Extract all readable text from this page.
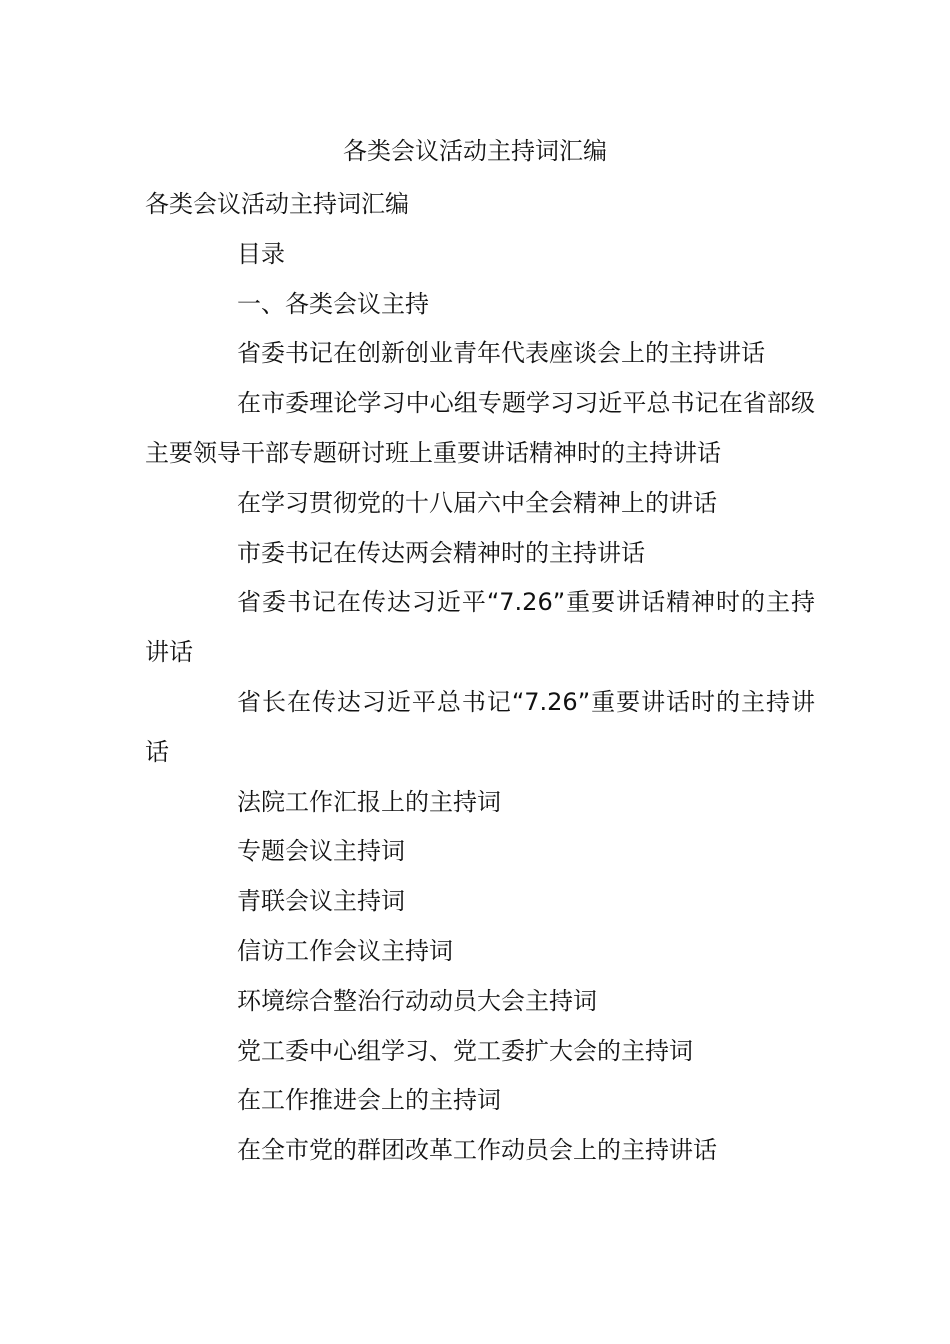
各类会议活动主持词汇编

各类会议活动主持词汇编

目录

一、各类会议主持

省委书记在创新创业青年代表座谈会上的主持讲话

在市委理论学习中心组专题学习习近平总书记在省部级主要领导干部专题研讨班上重要讲话精神时的主持讲话

在学习贯彻党的十八届六中全会精神上的讲话

市委书记在传达两会精神时的主持讲话

省委书记在传达习近平“7.26”重要讲话精神时的主持讲话

省长在传达习近平总书记“7.26”重要讲话时的主持讲话

法院工作汇报上的主持词

专题会议主持词

青联会议主持词

信访工作会议主持词

环境综合整治行动动员大会主持词

党工委中心组学习、党工委扩大会的主持词

在工作推进会上的主持词

在全市党的群团改革工作动员会上的主持讲话
